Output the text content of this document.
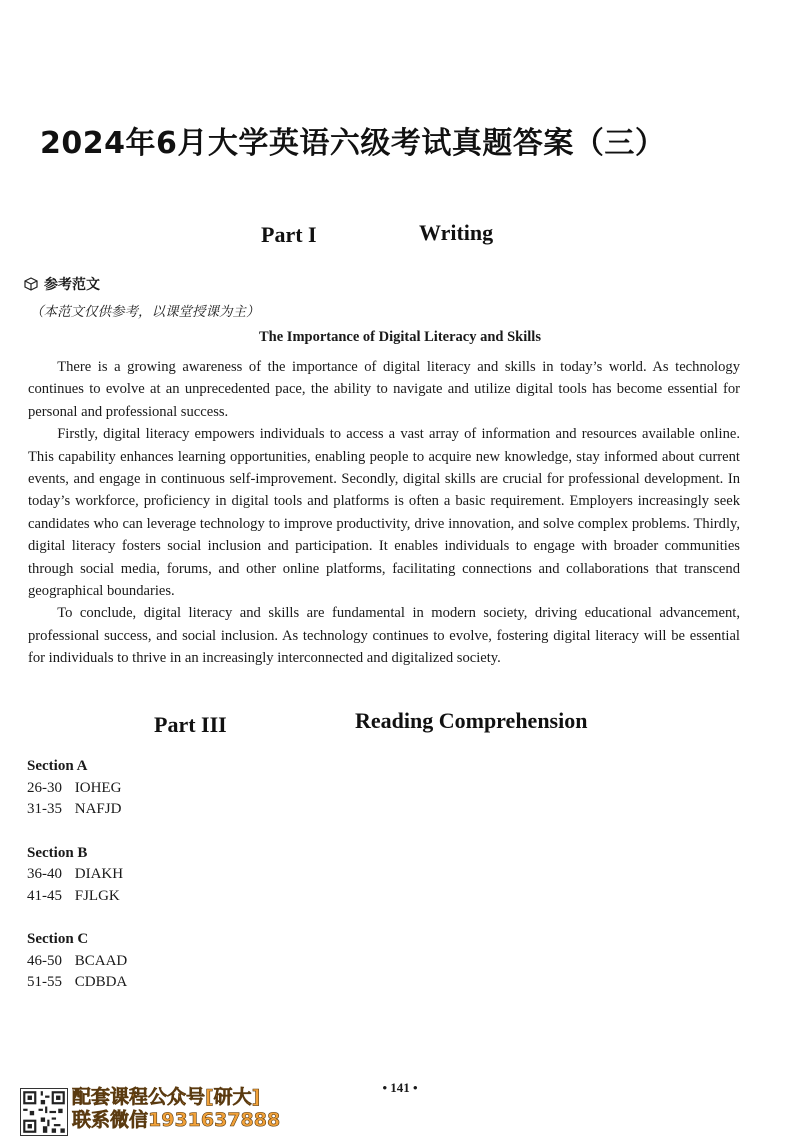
2024年6月大学英语六级考试真题答案（三）
Part I	Writing
参考范文
（本范文仅供参考，以课堂授课为主）
The Importance of Digital Literacy and Skills

There is a growing awareness of the importance of digital literacy and skills in today’s world. As technology continues to evolve at an unprecedented pace, the ability to navigate and utilize digital tools has become essential for personal and professional success.

Firstly, digital literacy empowers individuals to access a vast array of information and resources available online. This capability enhances learning opportunities, enabling people to acquire new knowledge, stay informed about current events, and engage in continuous self-improvement. Secondly, digital skills are crucial for professional development. In today’s workforce, proficiency in digital tools and platforms is often a basic requirement. Employers increasingly seek candidates who can leverage technology to improve productivity, drive innovation, and solve complex problems. Thirdly, digital literacy fosters social inclusion and participation. It enables individuals to engage with broader communities through social media, forums, and other online platforms, facilitating connections and collaborations that transcend geographical boundaries.

To conclude, digital literacy and skills are fundamental in modern society, driving educational advancement, professional success, and social inclusion. As technology continues to evolve, fostering digital literacy will be essential for individuals to thrive in an increasingly interconnected and digitalized society.

Part III	Reading Comprehension
Section A
26-30 IOHEG
31-35 NAFJD
Section B
36-40 DIAKH
41-45 FJLGK
Section C
46-50 BCAAD
51-55 CDBDA
• 141 •
配套课程公众号[研大]
联系微信1931637888
